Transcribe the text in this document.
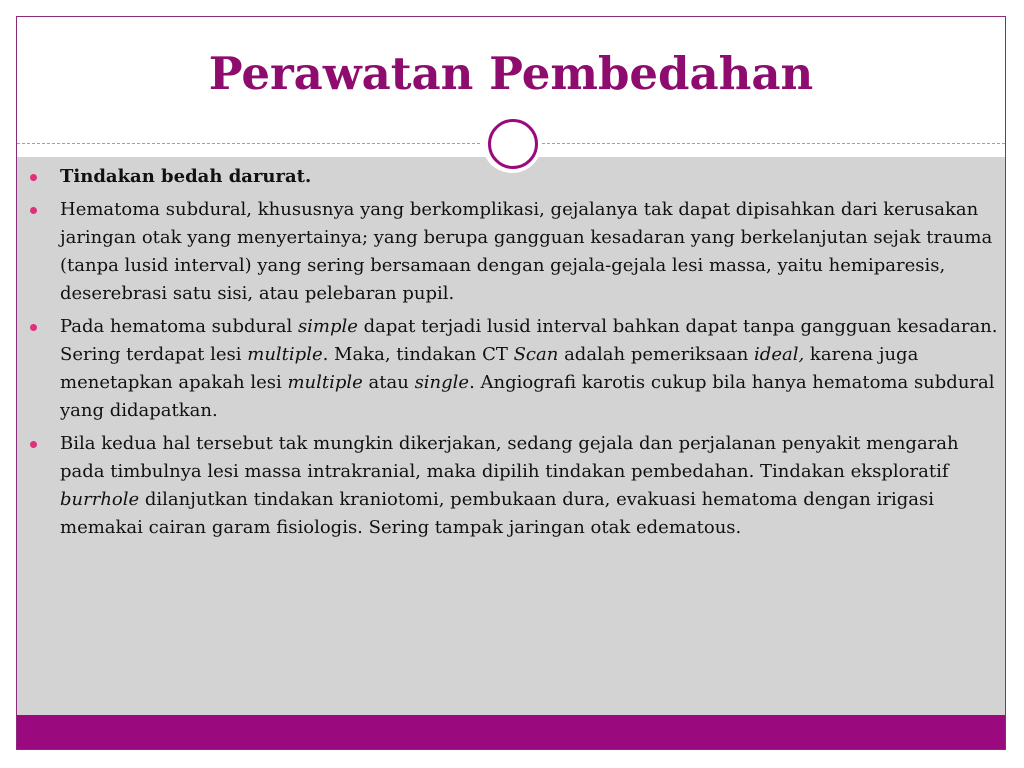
Perawatan Pembedahan
Tindakan bedah darurat.
Hematoma subdural, khususnya yang berkomplikasi, gejalanya tak dapat dipisahkan dari kerusakan jaringan otak yang menyertainya; yang berupa gangguan kesadaran yang berkelanjutan sejak trauma (tanpa lusid interval) yang sering bersamaan dengan gejala-gejala lesi massa, yaitu hemiparesis, deserebrasi satu sisi, atau pelebaran pupil.
Pada hematoma subdural simple dapat terjadi lusid interval bahkan dapat tanpa gangguan kesadaran. Sering terdapat lesi multiple. Maka, tindakan CT Scan adalah pemeriksaan ideal, karena juga menetapkan apakah lesi multiple atau single. Angiografi karotis cukup bila hanya hematoma subdural yang didapatkan.
Bila kedua hal tersebut tak mungkin dikerjakan, sedang gejala dan perjalanan penyakit mengarah pada timbulnya lesi massa intrakranial, maka dipilih tindakan pembedahan. Tindakan eksploratif burrhole dilanjutkan tindakan kraniotomi, pembukaan dura, evakuasi hematoma dengan irigasi memakai cairan garam fisiologis. Sering tampak jaringan otak edematous.
